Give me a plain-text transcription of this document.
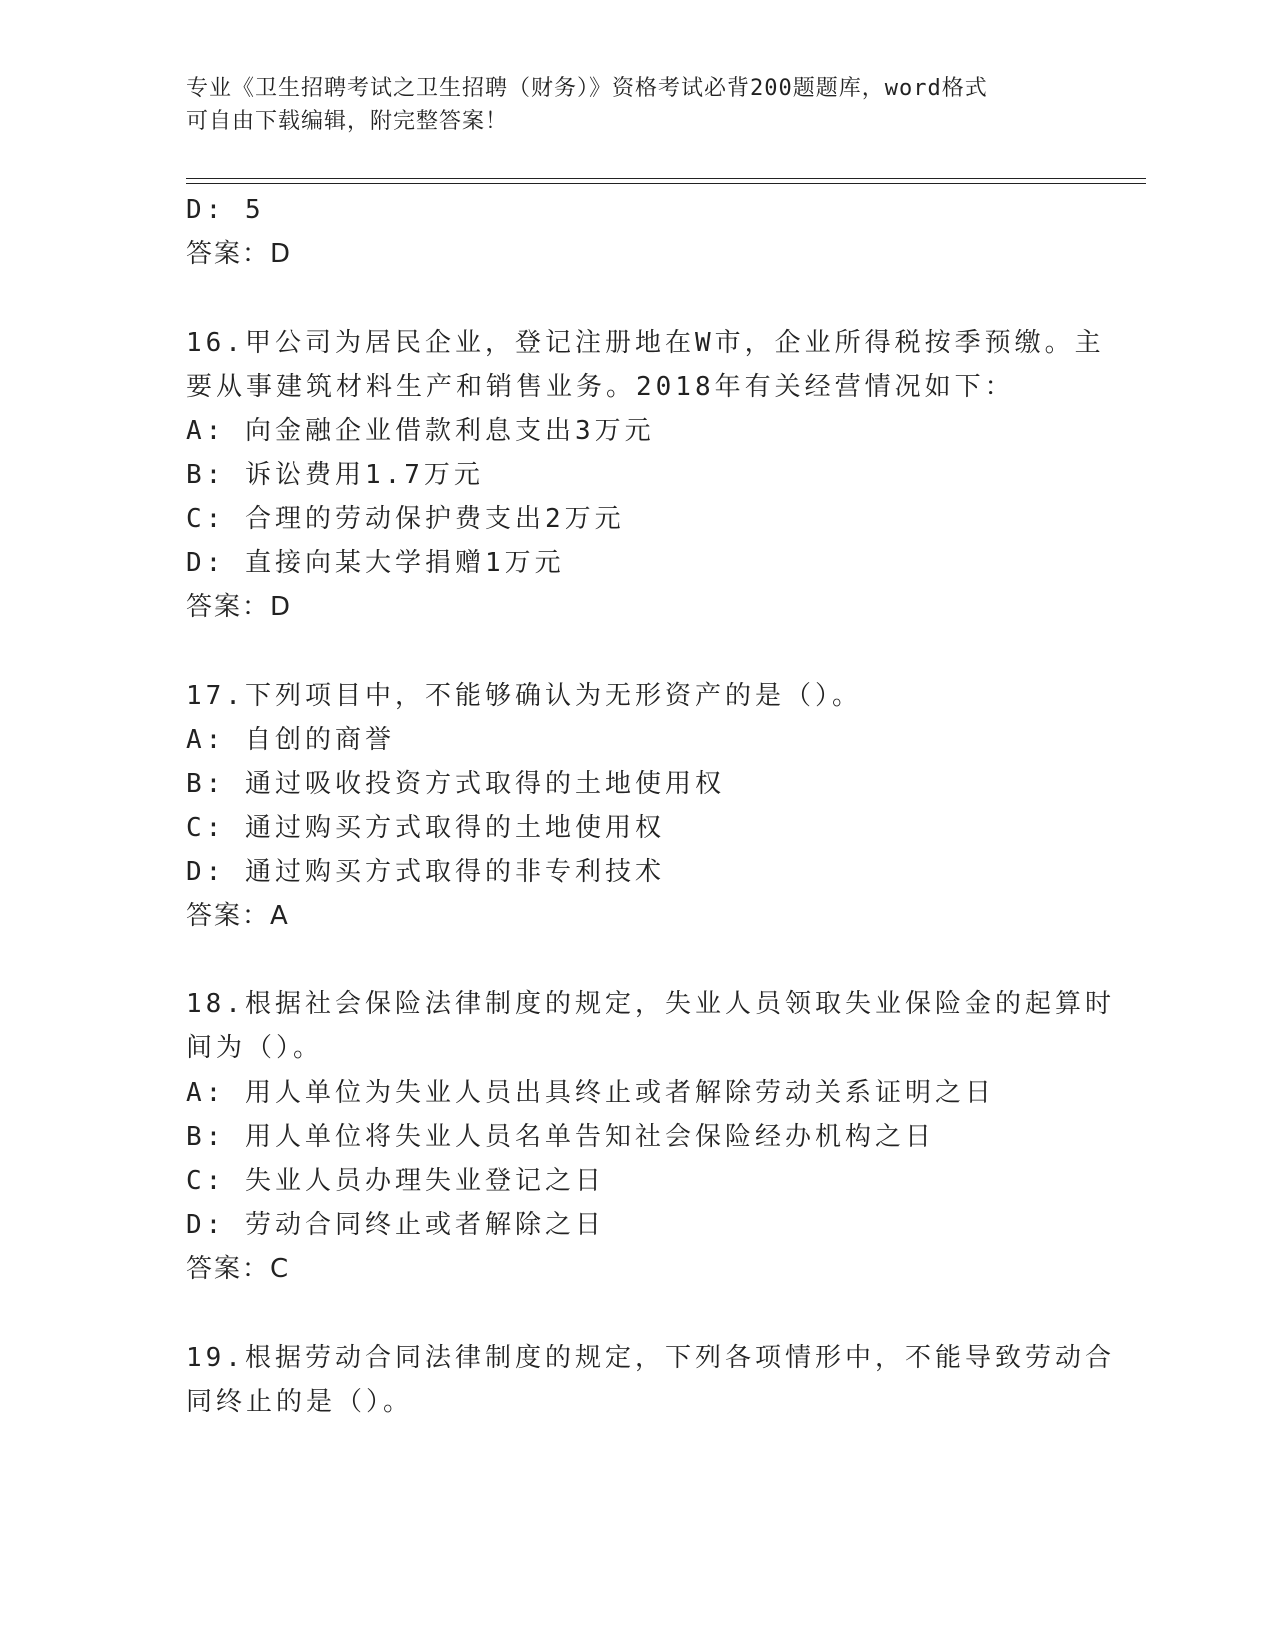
专业《卫生招聘考试之卫生招聘（财务）》资格考试必背200题题库，word格式
可自由下载编辑，附完整答案！
D: 5
答案：D
16.甲公司为居民企业，登记注册地在W市，企业所得税按季预缴。主
要从事建筑材料生产和销售业务。2018年有关经营情况如下：
A: 向金融企业借款利息支出3万元
B: 诉讼费用1.7万元
C: 合理的劳动保护费支出2万元
D: 直接向某大学捐赠1万元
答案：D
17.下列项目中，不能够确认为无形资产的是（）。
A: 自创的商誉
B: 通过吸收投资方式取得的土地使用权
C: 通过购买方式取得的土地使用权
D: 通过购买方式取得的非专利技术
答案：A
18.根据社会保险法律制度的规定，失业人员领取失业保险金的起算时
间为（）。
A: 用人单位为失业人员出具终止或者解除劳动关系证明之日
B: 用人单位将失业人员名单告知社会保险经办机构之日
C: 失业人员办理失业登记之日
D: 劳动合同终止或者解除之日
答案：C
19.根据劳动合同法律制度的规定，下列各项情形中，不能导致劳动合
同终止的是（）。
